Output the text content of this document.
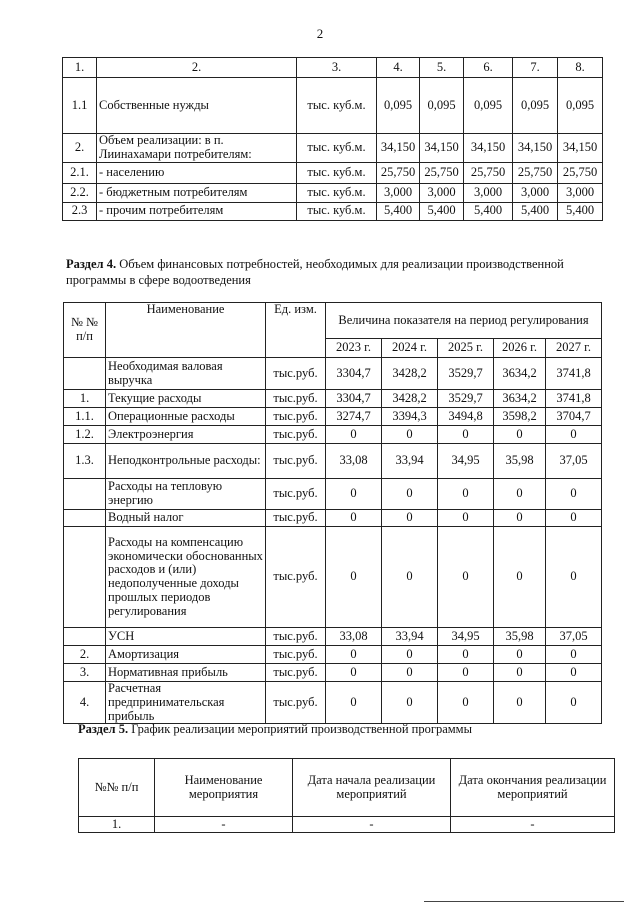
2
1.	2.	3.	4.	5.	6.	7.	8.
1.1	Собственные нужды	тыс. куб.м.	0,095	0,095	0,095	0,095	0,095
2.	Объем реализации: в п. Лиинахамари потребителям:	тыс. куб.м.	34,150	34,150	34,150	34,150	34,150
2.1.	- населению	тыс. куб.м.	25,750	25,750	25,750	25,750	25,750
2.2.	- бюджетным потребителям	тыс. куб.м.	3,000	3,000	3,000	3,000	3,000
2.3	- прочим потребителям	тыс. куб.м.	5,400	5,400	5,400	5,400	5,400
Раздел 4. Объем финансовых потребностей, необходимых для реализации производственной программы в сфере водоотведения
№ № п/п	Наименование	Ед. изм.	Величина показателя на период регулирования				
			2023 г.	2024 г.	2025 г.	2026 г.	2027 г.
	Необходимая валовая выручка	тыс.руб.	3304,7	3428,2	3529,7	3634,2	3741,8
1.	Текущие расходы	тыс.руб.	3304,7	3428,2	3529,7	3634,2	3741,8
1.1.	Операционные расходы	тыс.руб.	3274,7	3394,3	3494,8	3598,2	3704,7
1.2.	Электроэнергия	тыс.руб.	0	0	0	0	0
1.3.	Неподконтрольные расходы:	тыс.руб.	33,08	33,94	34,95	35,98	37,05
	Расходы на тепловую энергию	тыс.руб.	0	0	0	0	0
	Водный налог	тыс.руб.	0	0	0	0	0
	Расходы на компенсацию экономически обоснованных расходов и (или) недополученные доходы прошлых периодов регулирования	тыс.руб.	0	0	0	0	0
	УСН	тыс.руб.	33,08	33,94	34,95	35,98	37,05
2.	Амортизация	тыс.руб.	0	0	0	0	0
3.	Нормативная прибыль	тыс.руб.	0	0	0	0	0
4.	Расчетная предпринимательская прибыль	тыс.руб.	0	0	0	0	0
Раздел 5. График реализации мероприятий производственной программы
№№ п/п	Наименование мероприятия	Дата начала реализации мероприятий	Дата окончания реализации мероприятий
1.	-	-	-
